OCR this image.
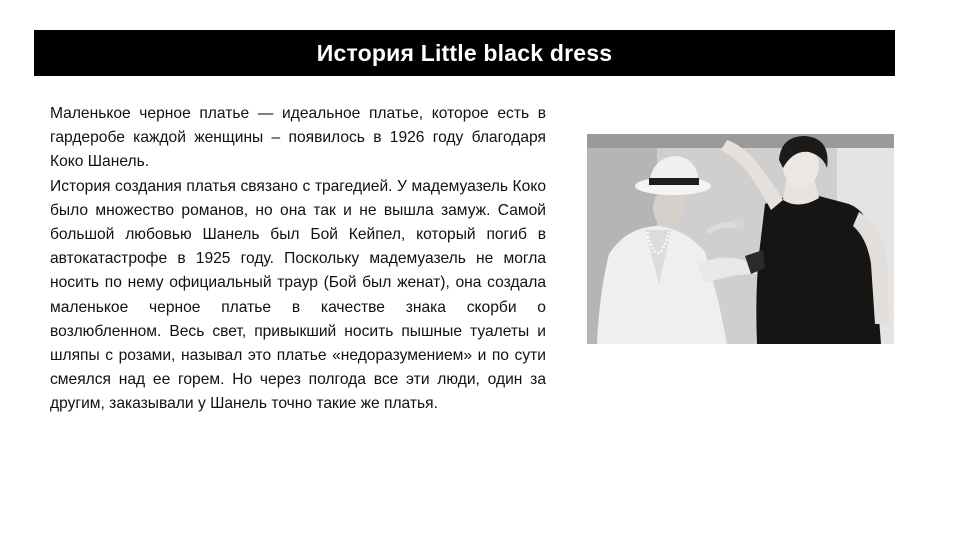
История Little black dress

Маленькое черное платье — идеальное платье, которое есть в гардеробе каждой женщины – появилось в 1926 году благодаря Коко Шанель.

История создания платья связано с трагедией. У мадемуазель Коко было множество романов, но она так и не вышла замуж. Самой большой любовью Шанель был Бой Кейпел, который погиб в автокатастрофе в 1925 году. Поскольку мадемуазель не могла носить по нему официальный траур (Бой был женат), она создала маленькое черное платье в качестве знака скорби о возлюбленном. Весь свет, привыкший носить пышные туалеты и шляпы с розами, называл это платье «недоразумением» и по сути смеялся над ее горем. Но через полгода все эти люди, один за другим, заказывали у Шанель точно такие же платья.
